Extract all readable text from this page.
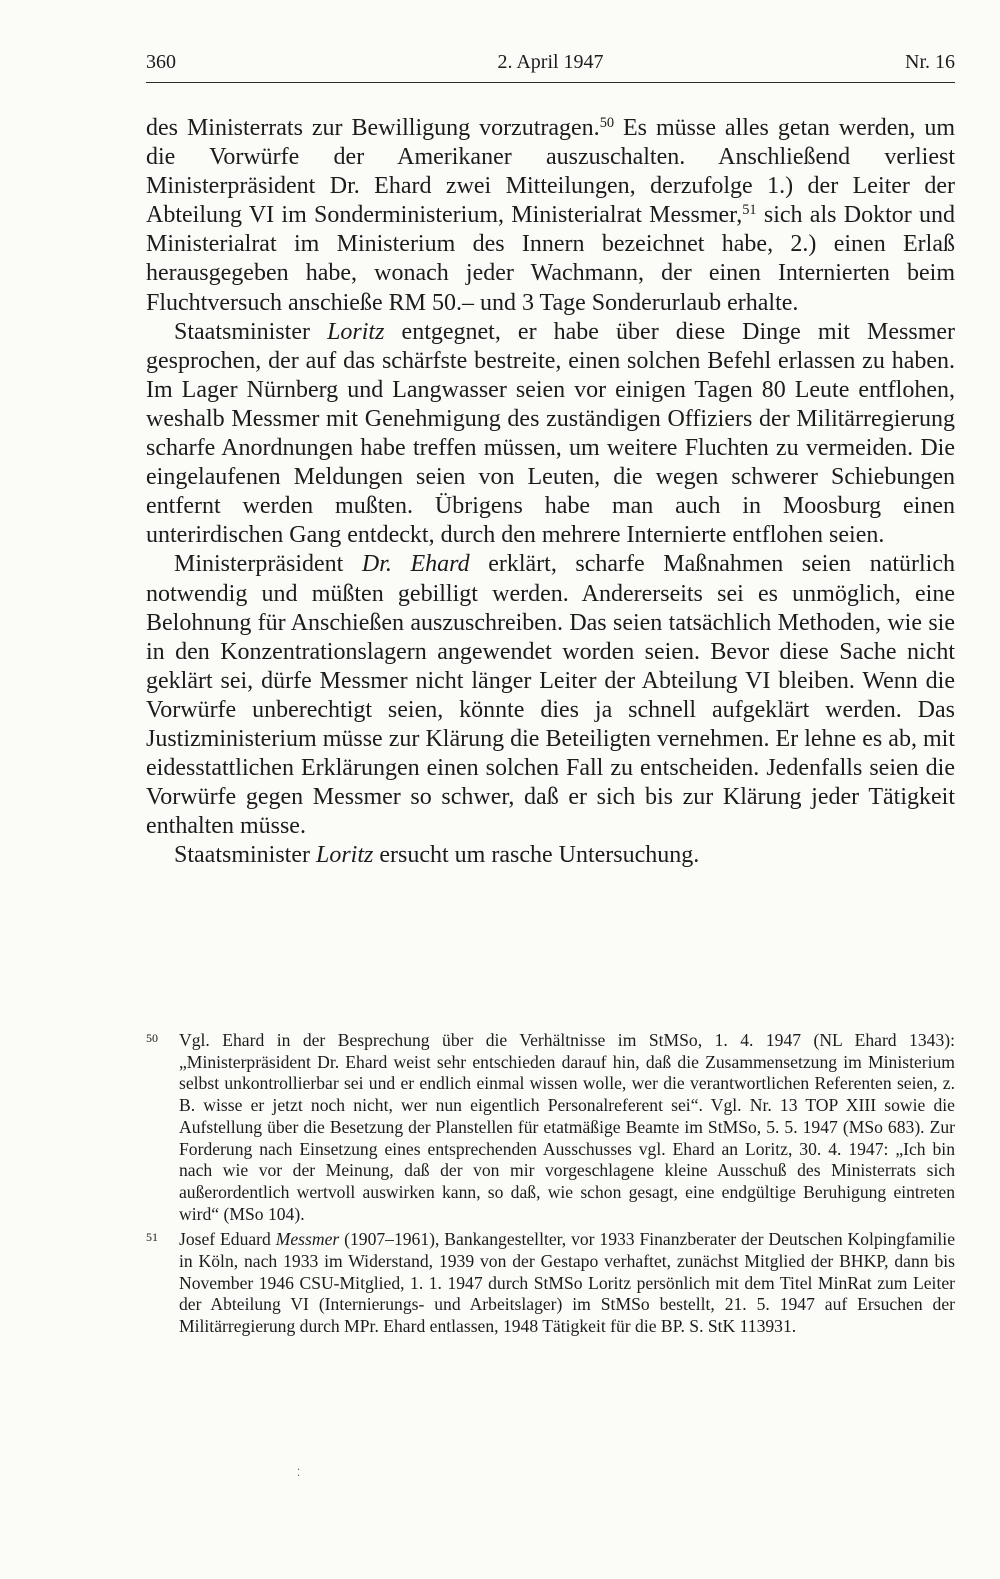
360	2. April 1947	Nr. 16

des Ministerrats zur Bewilligung vorzutragen.$^{50}$ Es müsse alles getan werden, um die Vorwürfe der Amerikaner auszuschalten. Anschließend verliest Ministerpräsident Dr. Ehard zwei Mitteilungen, derzufolge 1.) der Leiter der Abteilung VI im Sonderministerium, Ministerialrat Messmer,$^{51}$ sich als Doktor und Ministerialrat im Ministerium des Innern bezeichnet habe, 2.) einen Erlaß herausgegeben habe, wonach jeder Wachmann, der einen Internierten beim Fluchtversuch anschieße RM 50.– und 3 Tage Sonderurlaub erhalte.

Staatsminister Loritz entgegnet, er habe über diese Dinge mit Messmer gesprochen, der auf das schärfste bestreite, einen solchen Befehl erlassen zu haben. Im Lager Nürnberg und Langwasser seien vor einigen Tagen 80 Leute entflohen, weshalb Messmer mit Genehmigung des zuständigen Offiziers der Militärregierung scharfe Anordnungen habe treffen müssen, um weitere Fluchten zu vermeiden. Die eingelaufenen Meldungen seien von Leuten, die wegen schwerer Schiebungen entfernt werden mußten. Übrigens habe man auch in Moosburg einen unterirdischen Gang entdeckt, durch den mehrere Internierte entflohen seien.

Ministerpräsident Dr. Ehard erklärt, scharfe Maßnahmen seien natürlich notwendig und müßten gebilligt werden. Andererseits sei es unmöglich, eine Belohnung für Anschießen auszuschreiben. Das seien tatsächlich Methoden, wie sie in den Konzentrationslagern angewendet worden seien. Bevor diese Sache nicht geklärt sei, dürfe Messmer nicht länger Leiter der Abteilung VI bleiben. Wenn die Vorwürfe unberechtigt seien, könnte dies ja schnell aufgeklärt werden. Das Justizministerium müsse zur Klärung die Beteiligten vernehmen. Er lehne es ab, mit eidesstattlichen Erklärungen einen solchen Fall zu entscheiden. Jedenfalls seien die Vorwürfe gegen Messmer so schwer, daß er sich bis zur Klärung jeder Tätigkeit enthalten müsse.

Staatsminister Loritz ersucht um rasche Untersuchung.

50 Vgl. Ehard in der Besprechung über die Verhältnisse im StMSo, 1. 4. 1947 (NL Ehard 1343): „Ministerpräsident Dr. Ehard weist sehr entschieden darauf hin, daß die Zusammensetzung im Ministerium selbst unkontrollierbar sei und er endlich einmal wissen wolle, wer die verantwortlichen Referenten seien, z. B. wisse er jetzt noch nicht, wer nun eigentlich Personalreferent sei“. Vgl. Nr. 13 TOP XIII sowie die Aufstellung über die Besetzung der Planstellen für etatmäßige Beamte im StMSo, 5. 5. 1947 (MSo 683). Zur Forderung nach Einsetzung eines entsprechenden Ausschusses vgl. Ehard an Loritz, 30. 4. 1947: „Ich bin nach wie vor der Meinung, daß der von mir vorgeschlagene kleine Ausschuß des Ministerrats sich außerordentlich wertvoll auswirken kann, so daß, wie schon gesagt, eine endgültige Beruhigung eintreten wird“ (MSo 104).
51 Josef Eduard Messmer (1907–1961), Bankangestellter, vor 1933 Finanzberater der Deutschen Kolpingfamilie in Köln, nach 1933 im Widerstand, 1939 von der Gestapo verhaftet, zunächst Mitglied der BHKP, dann bis November 1946 CSU-Mitglied, 1. 1. 1947 durch StMSo Loritz persönlich mit dem Titel MinRat zum Leiter der Abteilung VI (Internierungs- und Arbeitslager) im StMSo bestellt, 21. 5. 1947 auf Ersuchen der Militärregierung durch MPr. Ehard entlassen, 1948 Tätigkeit für die BP. S. StK 113931.
⁚
